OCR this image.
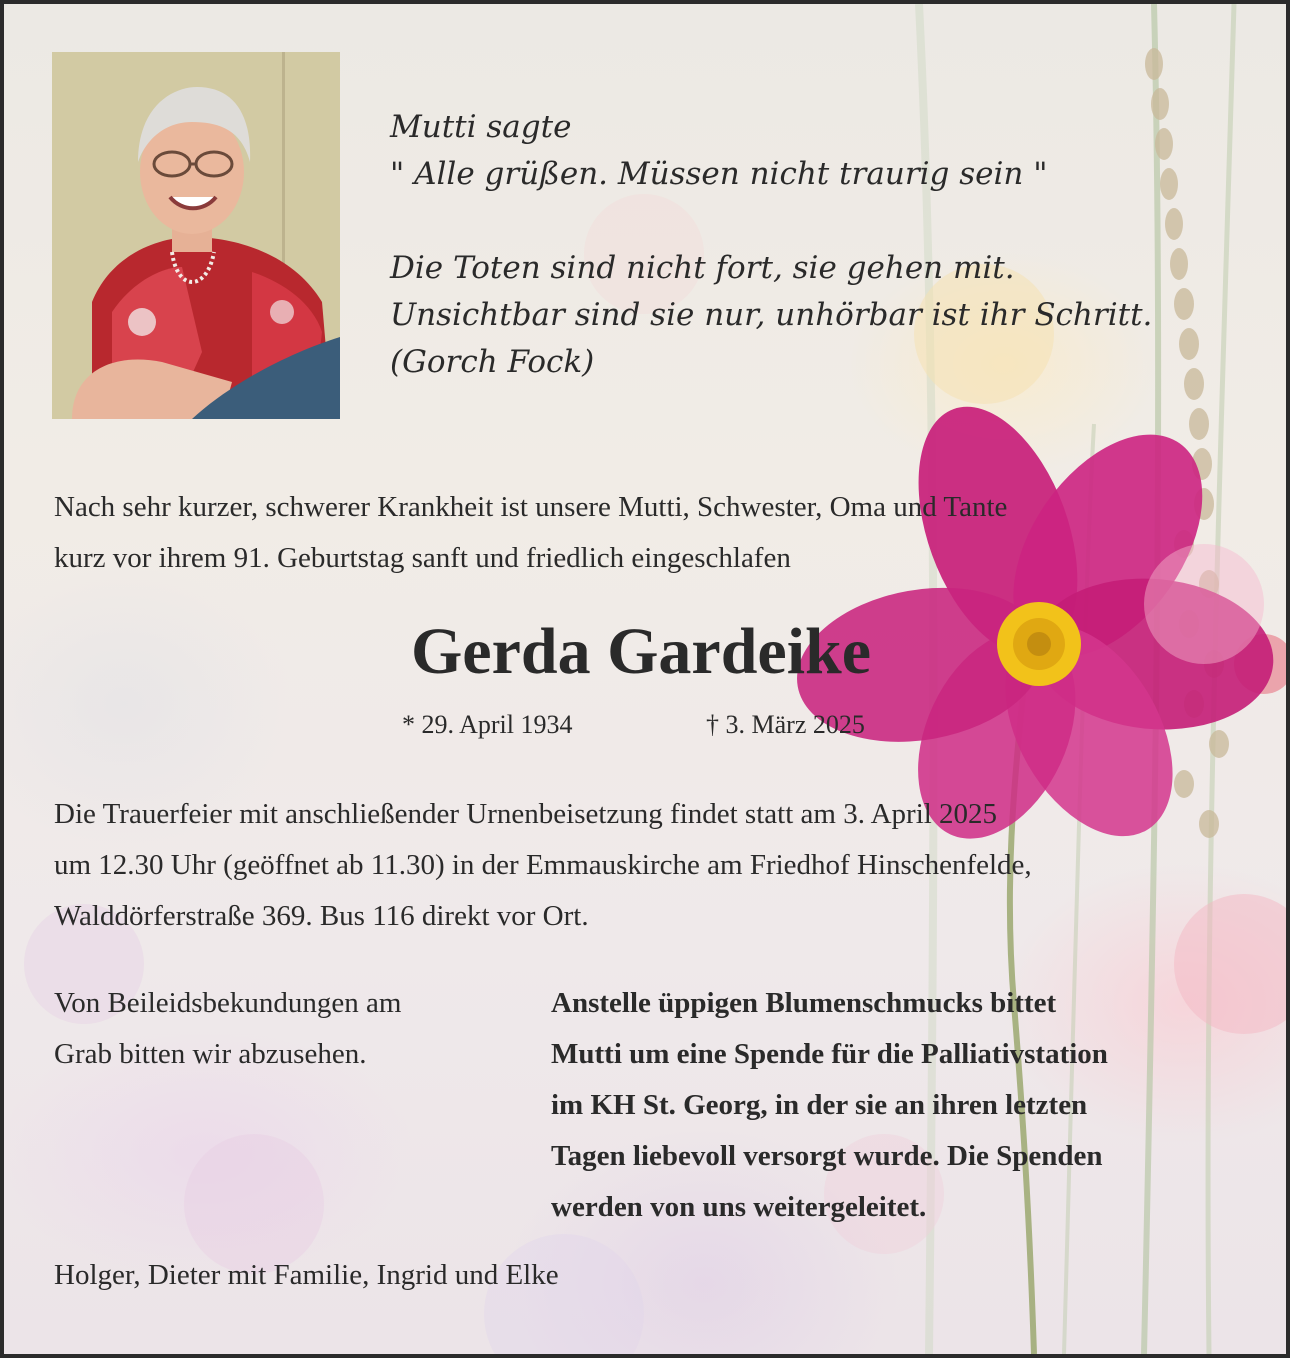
Mutti sagte
" Alle grüßen. Müssen nicht traurig sein "
Die Toten sind nicht fort, sie gehen mit.
Unsichtbar sind sie nur, unhörbar ist ihr Schritt.
(Gorch Fock)
Nach sehr kurzer, schwerer Krankheit ist unsere Mutti, Schwester, Oma und Tante
kurz vor ihrem 91. Geburtstag sanft und friedlich eingeschlafen
Gerda Gardeike
* 29. April 1934	† 3. März 2025
Die Trauerfeier mit anschließender Urnenbeisetzung findet statt am 3. April 2025
um 12.30 Uhr (geöffnet ab 11.30) in der Emmauskirche am Friedhof Hinschenfelde,
Walddörferstraße 369. Bus 116 direkt vor Ort.
Von Beileidsbekundungen am
Grab bitten wir abzusehen.
Anstelle üppigen Blumenschmucks bittet
Mutti um eine Spende für die Palliativstation
im KH St. Georg, in der sie an ihren letzten
Tagen liebevoll versorgt wurde. Die Spenden
werden von uns weitergeleitet.
Holger, Dieter mit Familie, Ingrid und Elke
